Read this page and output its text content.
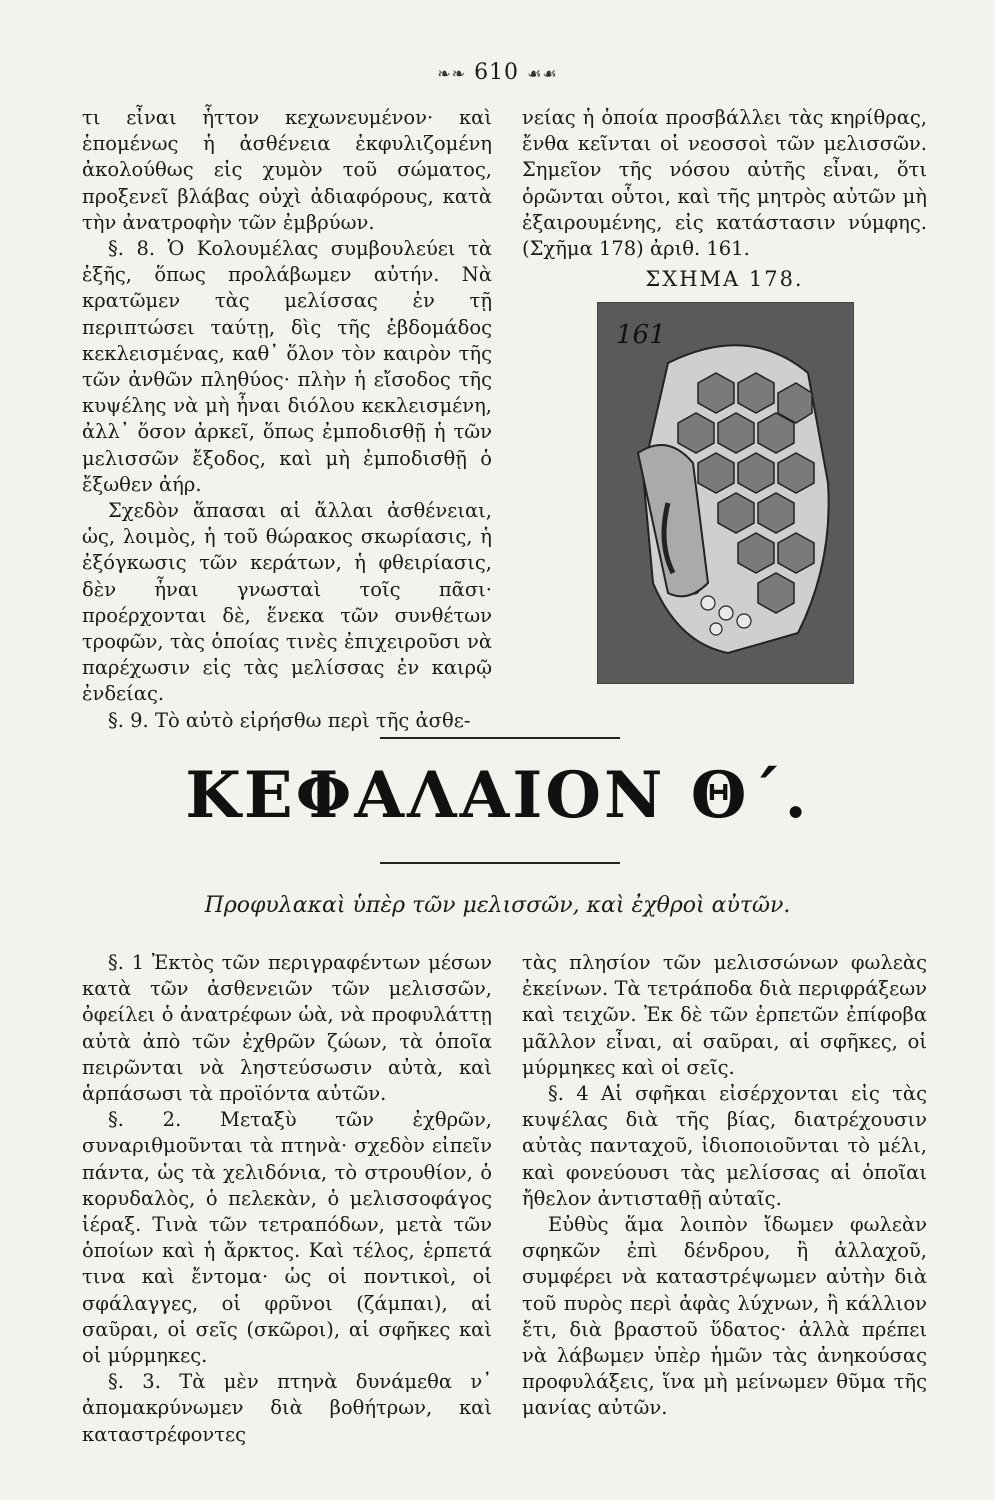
❧❧ 610 ☙☙

τι εἶναι ἧττον κεχωνευμένον· καὶ ἑπομένως ἡ ἀσθένεια ἐκφυλιζομένη ἀκολούθως εἰς χυμὸν τοῦ σώματος, προξενεῖ βλάβας οὐχὶ ἀδιαφόρους, κατὰ τὴν ἀνατροφὴν τῶν ἐμβρύων.

§. 8. Ὁ Κολουμέλας συμβουλεύει τὰ ἑξῆς, ὅπως προλάβωμεν αὐτήν. Νὰ κρατῶμεν τὰς μελίσσας ἐν τῇ περιπτώσει ταύτῃ, δὶς τῆς ἑβδομάδος κεκλεισμένας, καθ᾽ ὅλον τὸν καιρὸν τῆς τῶν ἀνθῶν πληθύος· πλὴν ἡ εἴσοδος τῆς κυψέλης νὰ μὴ ἦναι διόλου κεκλεισμένη, ἀλλ᾽ ὅσον ἀρκεῖ, ὅπως ἐμποδισθῇ ἡ τῶν μελισσῶν ἔξοδος, καὶ μὴ ἐμποδισθῇ ὁ ἔξωθεν ἀήρ.

Σχεδὸν ἅπασαι αἱ ἄλλαι ἀσθένειαι, ὡς, λοιμὸς, ἡ τοῦ θώρακος σκωρίασις, ἡ ἐξόγκωσις τῶν κεράτων, ἡ φθειρίασις, δὲν ἦναι γνωσταὶ τοῖς πᾶσι· προέρχονται δὲ, ἕνεκα τῶν συνθέτων τροφῶν, τὰς ὁποίας τινὲς ἐπιχειροῦσι νὰ παρέχωσιν εἰς τὰς μελίσσας ἐν καιρῷ ἐνδείας.

§. 9. Τὸ αὐτὸ εἰρήσθω περὶ τῆς ἀσθε-

νείας ἡ ὁποία προσβάλλει τὰς κηρίθρας, ἔνθα κεῖνται οἱ νεοσσοὶ τῶν μελισσῶν. Σημεῖον τῆς νόσου αὐτῆς εἶναι, ὅτι ὁρῶνται οὗτοι, καὶ τῆς μητρὸς αὐτῶν μὴ ἐξαιρουμένης, εἰς κατάστασιν νύμφης.(Σχῆμα 178) ἀριθ. 161.

ΣΧΗΜΑ 178.
161
ΚΕΦΑΛΑΙΟΝ Θ΄.
Προφυλακαὶ ὑπὲρ τῶν μελισσῶν, καὶ ἐχθροὶ αὐτῶν.

§. 1 Ἐκτὸς τῶν περιγραφέντων μέσων κατὰ τῶν ἀσθενειῶν τῶν μελισσῶν, ὀφείλει ὁ ἀνατρέφων ὡὰ, νὰ προφυλάττῃ αὐτὰ ἀπὸ τῶν ἐχθρῶν ζώων, τὰ ὁποῖα πειρῶνται νὰ ληστεύσωσιν αὐτὰ, καὶ ἁρπάσωσι τὰ προϊόντα αὐτῶν.

§. 2. Μεταξὺ τῶν ἐχθρῶν, συναριθμοῦνται τὰ πτηνὰ· σχεδὸν εἰπεῖν πάντα, ὡς τὰ χελιδόνια, τὸ στρουθίον, ὁ κορυδαλὸς, ὁ πελεκὰν, ὁ μελισσοφάγος ἱέραξ. Τινὰ τῶν τετραπόδων, μετὰ τῶν ὁποίων καὶ ἡ ἄρκτος. Καὶ τέλος, ἑρπετά τινα καὶ ἔντομα· ὡς οἱ ποντικοὶ, οἱ σφάλαγγες, οἱ φρῦνοι (ζάμπαι), αἱ σαῦραι, οἱ σεῖς (σκῶροι), αἱ σφῆκες καὶ οἱ μύρμηκες.

§. 3. Τὰ μὲν πτηνὰ δυνάμεθα ν᾽ ἀπομακρύνωμεν διὰ βοθήτρων, καὶ καταστρέφοντες

τὰς πλησίον τῶν μελισσώνων φωλεὰς ἐκείνων. Τὰ τετράποδα διὰ περιφράξεων καὶ τειχῶν. Ἐκ δὲ τῶν ἑρπετῶν ἐπίφοβα μᾶλλον εἶναι, αἱ σαῦραι, αἱ σφῆκες, οἱ μύρμηκες καὶ οἱ σεῖς.

§. 4 Αἱ σφῆκαι εἰσέρχονται εἰς τὰς κυψέλας διὰ τῆς βίας, διατρέχουσιν αὐτὰς πανταχοῦ, ἰδιοποιοῦνται τὸ μέλι, καὶ φονεύουσι τὰς μελίσσας αἱ ὁποῖαι ἤθελον ἀντισταθῇ αὐταῖς.

Εὐθὺς ἅμα λοιπὸν ἴδωμεν φωλεὰν σφηκῶν ἐπὶ δένδρου, ἢ ἀλλαχοῦ, συμφέρει νὰ καταστρέψωμεν αὐτὴν διὰ τοῦ πυρὸς περὶ ἀφὰς λύχνων, ἢ κάλλιον ἔτι, διὰ βραστοῦ ὕδατος· ἀλλὰ πρέπει νὰ λάβωμεν ὑπὲρ ἡμῶν τὰς ἀνηκούσας προφυλάξεις, ἵνα μὴ μείνωμεν θῦμα τῆς μανίας αὐτῶν.
